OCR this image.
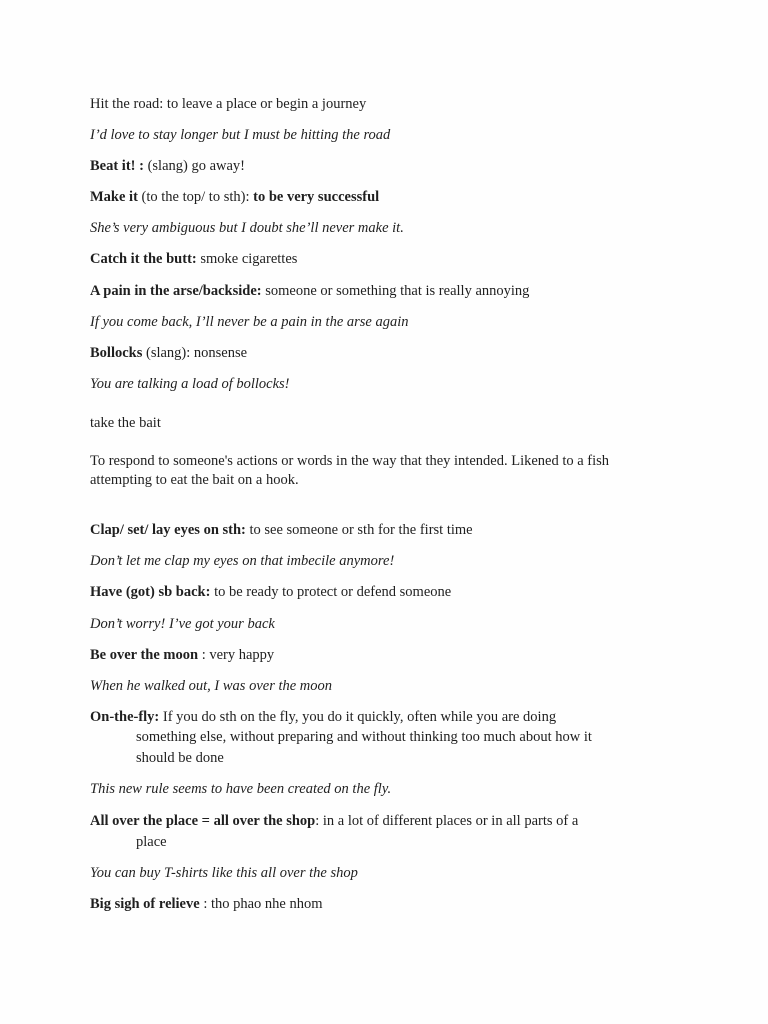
Hit the road: to leave a place or begin a journey
I’d love to stay longer but I must be hitting the road
Beat it! : (slang) go away!
Make it (to the top/ to sth): to be very successful
She’s very ambiguous but I doubt she’ll never make it.
Catch it the butt: smoke cigarettes
A pain in the arse/backside: someone or something that is really annoying
If you come back, I’ll never be a pain in the arse again
Bollocks (slang): nonsense
You are talking a load of bollocks!
take the bait
To respond to someone's actions or words in the way that they intended. Likened to a fish
attempting to eat the bait on a hook.
Clap/ set/ lay eyes on sth: to see someone or sth for the first time
Don’t let me clap my eyes on that imbecile anymore!
Have (got) sb back: to be ready to protect or defend someone
Don’t worry! I’ve got your back
Be over the moon : very happy
When he walked out, I was over the moon
On-the-fly: If you do sth on the fly, you do it quickly, often while you are doing
something else, without preparing and without thinking too much about how it
should be done
This new rule seems to have been created on the fly.
All over the place = all over the shop: in a lot of different places or in all parts of a
place
You can buy T-shirts like this all over the shop
Big sigh of relieve : tho phao nhe nhom
